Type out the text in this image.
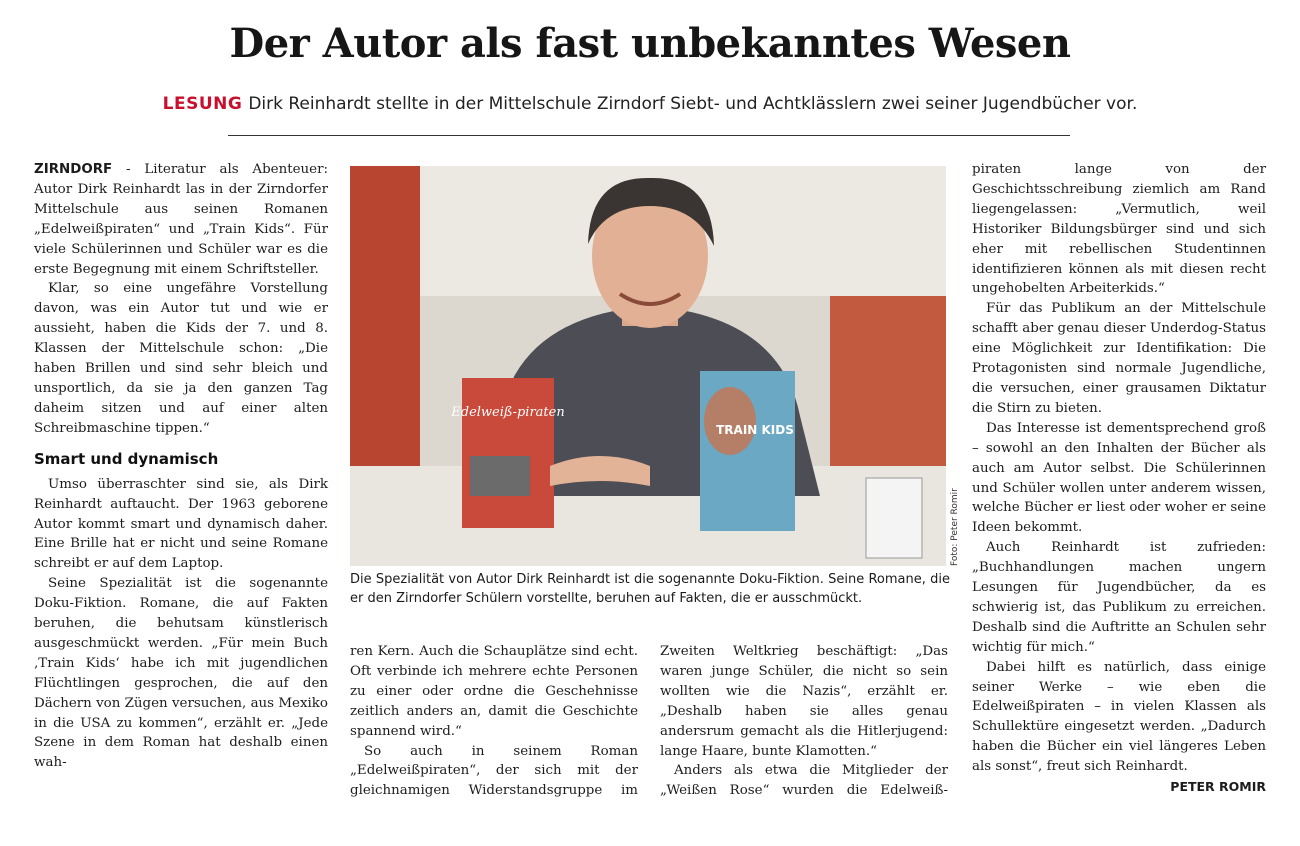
Der Autor als fast unbekanntes Wesen

LESUNG Dirk Reinhardt stellte in der Mittelschule Zirndorf Siebt- und Achtklässlern zwei seiner Jugendbücher vor.

ZIRNDORF - Literatur als Abenteuer: Autor Dirk Reinhardt las in der Zirndorfer Mittelschule aus seinen Romanen „Edelweißpiraten“ und „Train Kids“. Für viele Schülerinnen und Schüler war es die erste Begegnung mit einem Schriftsteller.

Klar, so eine ungefähre Vorstellung davon, was ein Autor tut und wie er aussieht, haben die Kids der 7. und 8. Klassen der Mittelschule schon: „Die haben Brillen und sind sehr bleich und unsportlich, da sie ja den ganzen Tag daheim sitzen und auf einer alten Schreibmaschine tippen.“

Smart und dynamisch

Umso überraschter sind sie, als Dirk Reinhardt auftaucht. Der 1963 geborene Autor kommt smart und dynamisch daher. Eine Brille hat er nicht und seine Romane schreibt er auf dem Laptop.

Seine Spezialität ist die sogenannte Doku-Fiktion. Romane, die auf Fakten beruhen, die behutsam künstlerisch ausgeschmückt werden. „Für mein Buch ‚Train Kids‘ habe ich mit jugendlichen Flüchtlingen gesprochen, die auf den Dächern von Zügen versuchen, aus Mexiko in die USA zu kommen“, erzählt er. „Jede Szene in dem Roman hat deshalb einen wah-

Edelweiß-piraten
TRAIN KIDS
Foto: Peter Romir
Die Spezialität von Autor Dirk Reinhardt ist die sogenannte Doku-Fiktion. Seine Romane, die er den Zirndorfer Schülern vorstellte, beruhen auf Fakten, die er ausschmückt.

ren Kern. Auch die Schauplätze sind echt. Oft verbinde ich mehrere echte Personen zu einer oder ordne die Geschehnisse zeitlich anders an, damit die Geschichte spannend wird.“

So auch in seinem Roman „Edelweißpiraten“, der sich mit der gleichnamigen Widerstandsgruppe im

Zweiten Weltkrieg beschäftigt: „Das waren junge Schüler, die nicht so sein wollten wie die Nazis“, erzählt er. „Deshalb haben sie alles genau andersrum gemacht als die Hitlerjugend: lange Haare, bunte Klamotten.“

Anders als etwa die Mitglieder der „Weißen Rose“ wurden die Edelweiß-

piraten lange von der Geschichtsschreibung ziemlich am Rand liegengelassen: „Vermutlich, weil Historiker Bildungsbürger sind und sich eher mit rebellischen Studentinnen identifizieren können als mit diesen recht ungehobelten Arbeiterkids.“

Für das Publikum an der Mittelschule schafft aber genau dieser Underdog-Status eine Möglichkeit zur Identifikation: Die Protagonisten sind normale Jugendliche, die versuchen, einer grausamen Diktatur die Stirn zu bieten.

Das Interesse ist dementsprechend groß – sowohl an den Inhalten der Bücher als auch am Autor selbst. Die Schülerinnen und Schüler wollen unter anderem wissen, welche Bücher er liest oder woher er seine Ideen bekommt.

Auch Reinhardt ist zufrieden: „Buchhandlungen machen ungern Lesungen für Jugendbücher, da es schwierig ist, das Publikum zu erreichen. Deshalb sind die Auftritte an Schulen sehr wichtig für mich.“

Dabei hilft es natürlich, dass einige seiner Werke – wie eben die Edelweißpiraten – in vielen Klassen als Schullektüre eingesetzt werden. „Dadurch haben die Bücher ein viel längeres Leben als sonst“, freut sich Reinhardt.
PETER ROMIR
